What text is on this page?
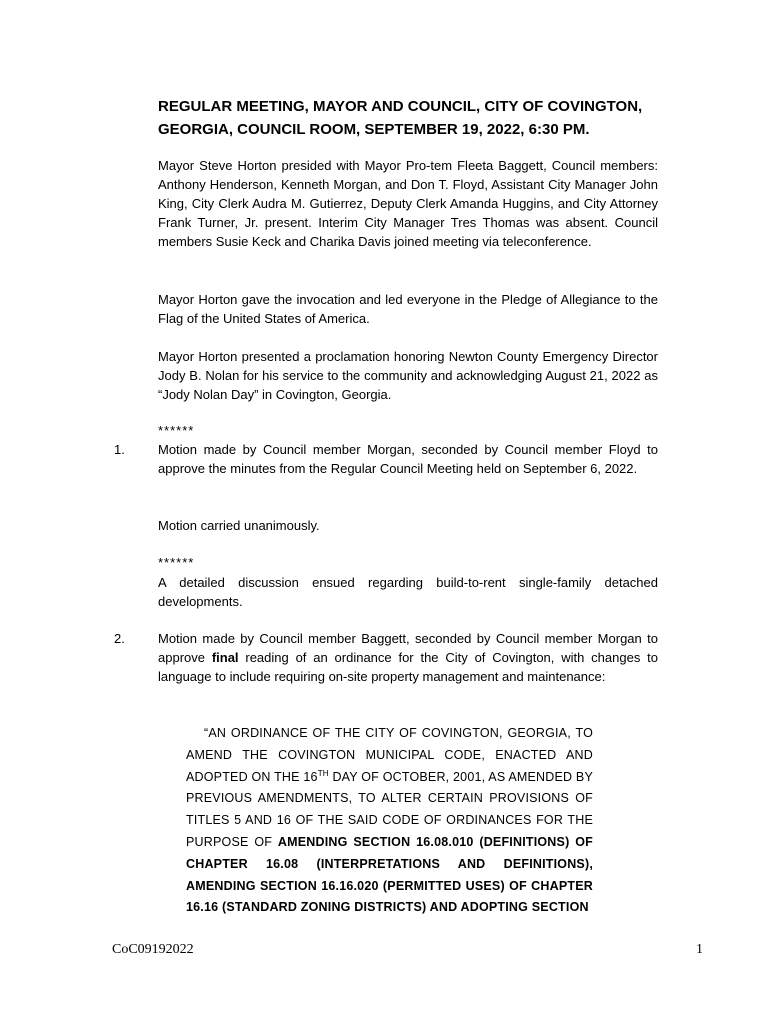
REGULAR MEETING, MAYOR AND COUNCIL, CITY OF COVINGTON, GEORGIA, COUNCIL ROOM, SEPTEMBER 19, 2022, 6:30 PM.

Mayor Steve Horton presided with Mayor Pro-tem Fleeta Baggett, Council members: Anthony Henderson, Kenneth Morgan, and Don T. Floyd, Assistant City Manager John King, City Clerk Audra M. Gutierrez, Deputy Clerk Amanda Huggins, and City Attorney Frank Turner, Jr. present. Interim City Manager Tres Thomas was absent. Council members Susie Keck and Charika Davis joined meeting via teleconference.

Mayor Horton gave the invocation and led everyone in the Pledge of Allegiance to the Flag of the United States of America.

Mayor Horton presented a proclamation honoring Newton County Emergency Director Jody B. Nolan for his service to the community and acknowledging August 21, 2022 as “Jody Nolan Day” in Covington, Georgia.

******

1.	Motion made by Council member Morgan, seconded by Council member Floyd to approve the minutes from the Regular Council Meeting held on September 6, 2022.

Motion carried unanimously.

******

A detailed discussion ensued regarding build-to-rent single-family detached developments.

2.	Motion made by Council member Baggett, seconded by Council member Morgan to approve final reading of an ordinance for the City of Covington, with changes to language to include requiring on-site property management and maintenance:

“AN ORDINANCE OF THE CITY OF COVINGTON, GEORGIA, TO AMEND THE COVINGTON MUNICIPAL CODE, ENACTED AND ADOPTED ON THE 16TH DAY OF OCTOBER, 2001, AS AMENDED BY PREVIOUS AMENDMENTS, TO ALTER CERTAIN PROVISIONS OF TITLES 5 AND 16 OF THE SAID CODE OF ORDINANCES FOR THE PURPOSE OF AMENDING SECTION 16.08.010 (DEFINITIONS) OF CHAPTER 16.08 (INTERPRETATIONS AND DEFINITIONS), AMENDING SECTION 16.16.020 (PERMITTED USES) OF CHAPTER 16.16 (STANDARD ZONING DISTRICTS) AND ADOPTING SECTION

CoC09192022	1
